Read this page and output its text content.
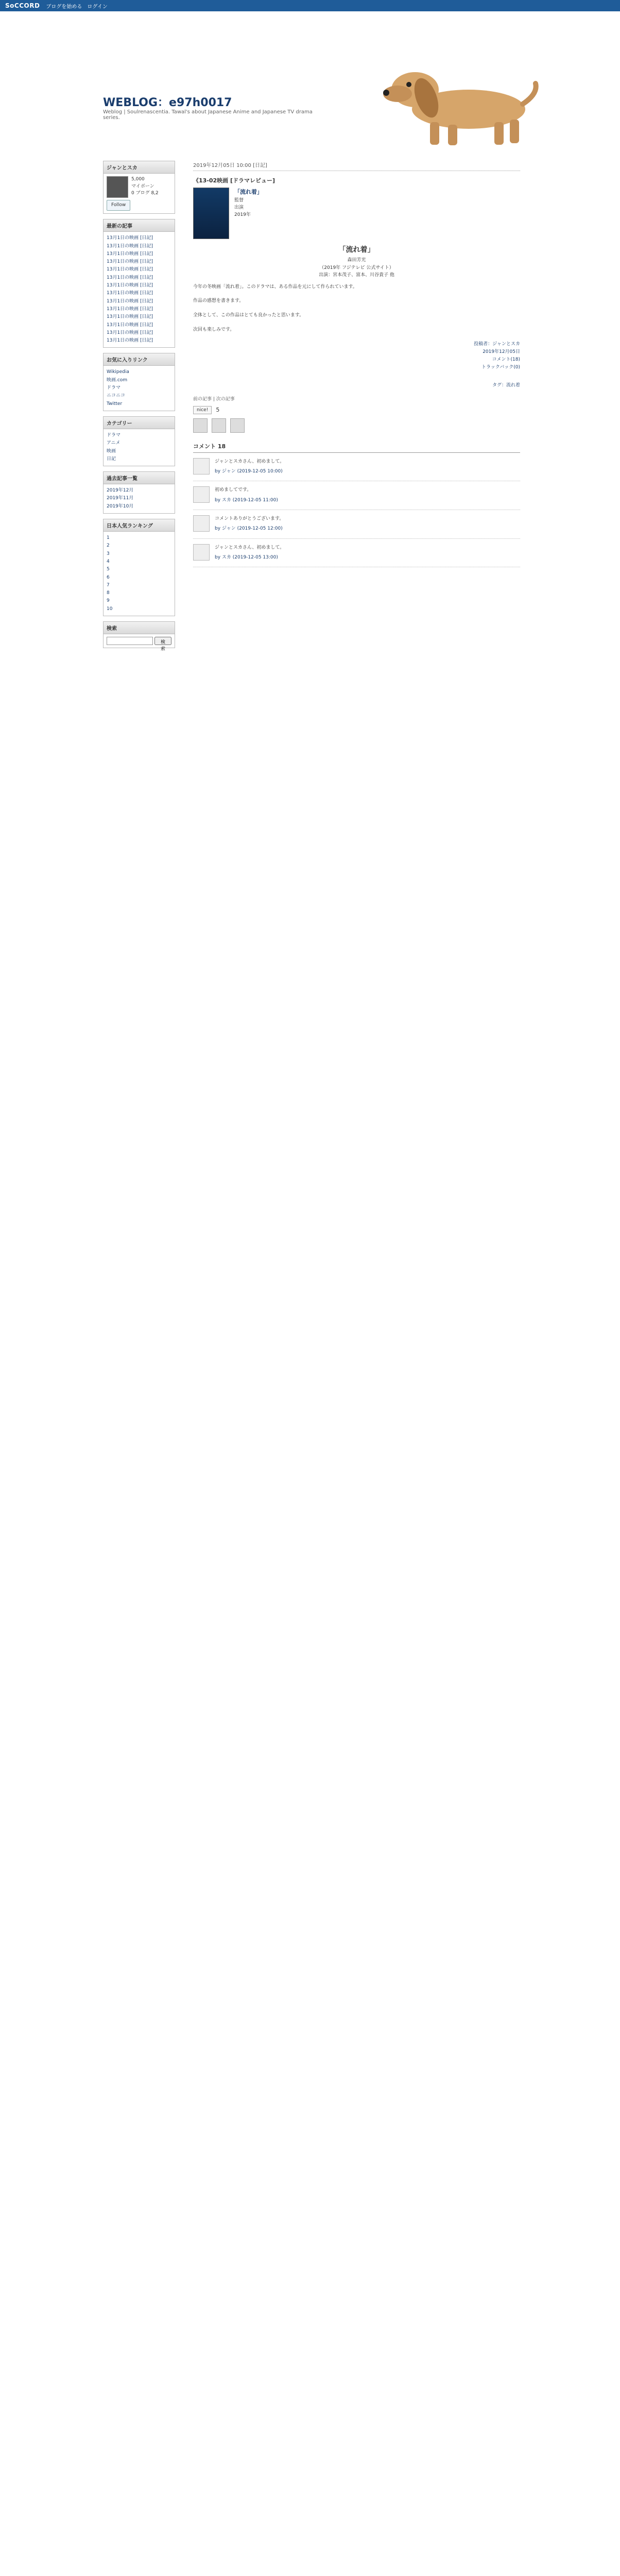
SoCCORD ブログを始める ログイン
WEBLOG：e97h0017
Weblog | Soulrenascentia. Tawal's about Japanese Anime and Japanese TV drama series.
ジャンとスカ
5,000
マイボーン
0 ブログ 8,2
Follow
最新の記事
13月1日の映画 [日記]
13月1日の映画 [日記]
13月1日の映画 [日記]
13月1日の映画 [日記]
13月1日の映画 [日記]
13月1日の映画 [日記]
13月1日の映画 [日記]
13月1日の映画 [日記]
13月1日の映画 [日記]
13月1日の映画 [日記]
13月1日の映画 [日記]
13月1日の映画 [日記]
13月1日の映画 [日記]
13月1日の映画 [日記]
お気に入りリンク
Wikipedia
映画.com
ドラマ
ニコニコ
Twitter
カテゴリー
ドラマ
アニメ
映画
日記
過去記事一覧
2019年12月
2019年11月
2019年10月
日本人気ランキング
1
2
3
4
5
6
7
8
9
10
検索
検索
2019年12月05日 10:00 [日記]
《13-02映画 [ドラマレビュー]
「流れ着」
監督
出演
2019年
「流れ着」
森田芳光
（2019年 フジテレビ 公式サイト）
出演：宮本茂子、富本、川谷貴子 他

今年の冬映画「流れ着」。このドラマは、ある作品を元にして作られています。

作品の感想を書きます。

全体として、この作品はとても良かったと思います。

次回も楽しみです。

投稿者：ジャンとスカ
2019年12月05日
コメント(18)
トラックバック(0)
タグ：流れ着
前の記事 | 次の記事
nice!	5
コメント 18
ジャンとスカさん、初めまして。
by ジャン (2019-12-05 10:00)
初めましてです。
by スカ (2019-12-05 11:00)
コメントありがとうございます。
by ジャン (2019-12-05 12:00)
ジャンとスカさん、初めまして。
by スカ (2019-12-05 13:00)
